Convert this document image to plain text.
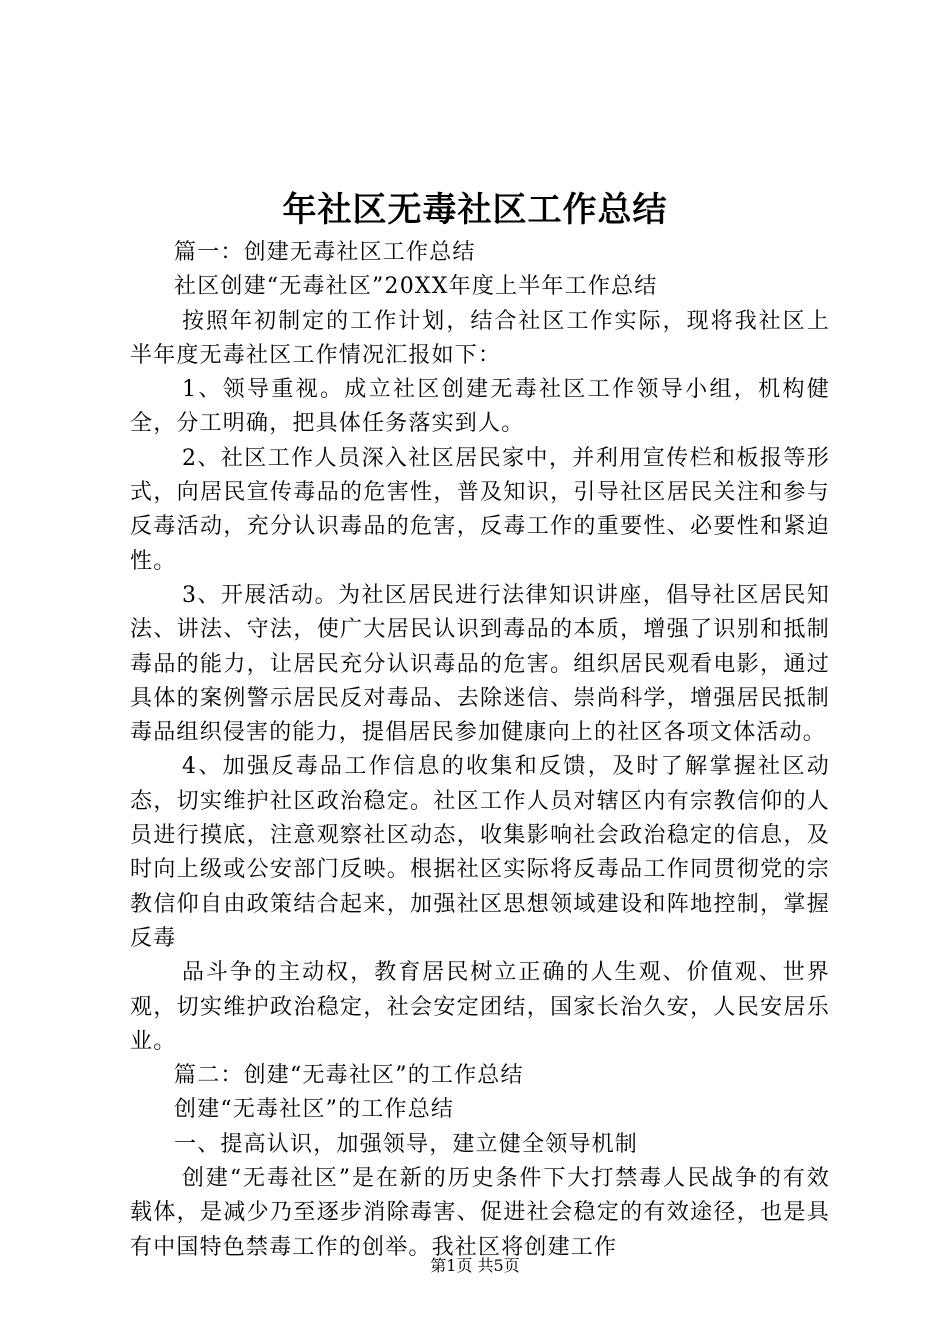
年社区无毒社区工作总结

篇一：创建无毒社区工作总结

社区创建“无毒社区”20XX年度上半年工作总结

按照年初制定的工作计划，结合社区工作实际，现将我社区上半年度无毒社区工作情况汇报如下：

1、领导重视。成立社区创建无毒社区工作领导小组，机构健全，分工明确，把具体任务落实到人。

2、社区工作人员深入社区居民家中，并利用宣传栏和板报等形式，向居民宣传毒品的危害性，普及知识，引导社区居民关注和参与反毒活动，充分认识毒品的危害，反毒工作的重要性、必要性和紧迫性。

3、开展活动。为社区居民进行法律知识讲座，倡导社区居民知法、讲法、守法，使广大居民认识到毒品的本质，增强了识别和抵制毒品的能力，让居民充分认识毒品的危害。组织居民观看电影，通过具体的案例警示居民反对毒品、去除迷信、崇尚科学，增强居民抵制毒品组织侵害的能力，提倡居民参加健康向上的社区各项文体活动。

4、加强反毒品工作信息的收集和反馈，及时了解掌握社区动态，切实维护社区政治稳定。社区工作人员对辖区内有宗教信仰的人员进行摸底，注意观察社区动态，收集影响社会政治稳定的信息，及时向上级或公安部门反映。根据社区实际将反毒品工作同贯彻党的宗教信仰自由政策结合起来，加强社区思想领域建设和阵地控制，掌握反毒

品斗争的主动权，教育居民树立正确的人生观、价值观、世界观，切实维护政治稳定，社会安定团结，国家长治久安，人民安居乐业。

篇二：创建“无毒社区”的工作总结

创建“无毒社区”的工作总结

一、提高认识，加强领导，建立健全领导机制

创建“无毒社区”是在新的历史条件下大打禁毒人民战争的有效载体，是减少乃至逐步消除毒害、促进社会稳定的有效途径，也是具有中国特色禁毒工作的创举。我社区将创建工作

第1页 共5页
